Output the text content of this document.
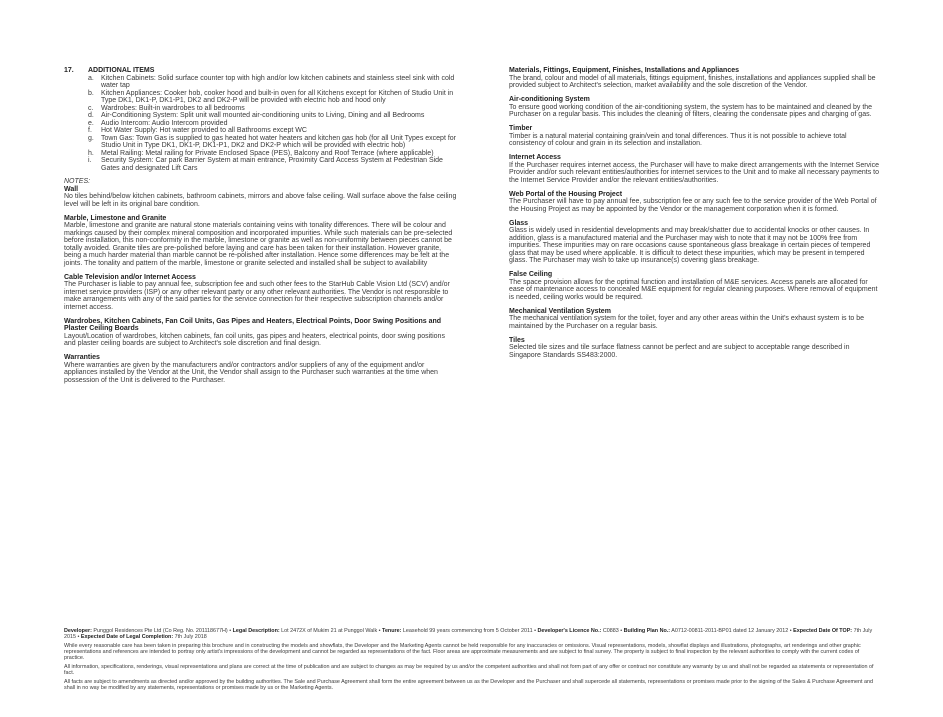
17. ADDITIONAL ITEMS

a.	Kitchen Cabinets: Solid surface counter top with high and/or low kitchen cabinets and stainless steel sink with cold water tap
b.	Kitchen Appliances: Cooker hob, cooker hood and built-in oven for all Kitchens except for Kitchen of Studio Unit in Type DK1, DK1-P, DK1-P1, DK2 and DK2-P will be provided with electric hob and hood only
c.	Wardrobes: Built-in wardrobes to all bedrooms
d.	Air-Conditioning System: Split unit wall mounted air-conditioning units to Living, Dining and all Bedrooms
e.	Audio Intercom: Audio Intercom provided
f.	Hot Water Supply: Hot water provided to all Bathrooms except WC
g.	Town Gas: Town Gas is supplied to gas heated hot water heaters and kitchen gas hob (for all Unit Types except for Studio Unit in Type DK1, DK1-P, DK1-P1, DK2 and DK2-P which will be provided with electric hob)
h.	Metal Railing: Metal railing for Private Enclosed Space (PES), Balcony and Roof Terrace (where applicable)
i.	Security System: Car park Barrier System at main entrance, Proximity Card Access System at Pedestrian Side Gates and designated Lift Cars

NOTES:

Wall

No tiles behind/below kitchen cabinets, bathroom cabinets, mirrors and above false ceiling. Wall surface above the false ceiling level will be left in its original bare condition.

Marble, Limestone and Granite

Marble, limestone and granite are natural stone materials containing veins with tonality differences. There will be colour and markings caused by their complex mineral composition and incorporated impurities. While such materials can be pre-selected before installation, this non-conformity in the marble, limestone or granite as well as non-uniformity between pieces cannot be totally avoided. Granite tiles are pre-polished before laying and care has been taken for their installation. However granite, being a much harder material than marble cannot be re-polished after installation. Hence some differences may be felt at the joints. The tonality and pattern of the marble, limestone or granite selected and installed shall be subject to availability

Cable Television and/or Internet Access

The Purchaser is liable to pay annual fee, subscription fee and such other fees to the StarHub Cable Vision Ltd (SCV) and/or internet service providers (ISP) or any other relevant party or any other relevant authorities. The Vendor is not responsible to make arrangements with any of the said parties for the service connection for their respective subscription channels and/or internet access.

Wardrobes, Kitchen Cabinets, Fan Coil Units, Gas Pipes and Heaters, Electrical Points, Door Swing Positions and Plaster Ceiling Boards

Layout/Location of wardrobes, kitchen cabinets, fan coil units, gas pipes and heaters, electrical points, door swing positions and plaster ceiling boards are subject to Architect's sole discretion and final design.

Warranties

Where warranties are given by the manufacturers and/or contractors and/or suppliers of any of the equipment and/or appliances installed by the Vendor at the Unit, the Vendor shall assign to the Purchaser such warranties at the time when possession of the Unit is delivered to the Purchaser.

Materials, Fittings, Equipment, Finishes, Installations and Appliances

The brand, colour and model of all materials, fittings equipment, finishes, installations and appliances supplied shall be provided subject to Architect's selection, market availability and the sole discretion of the Vendor.

Air-conditioning System

To ensure good working condition of the air-conditioning system, the system has to be maintained and cleaned by the Purchaser on a regular basis. This includes the cleaning of filters, clearing the condensate pipes and charging of gas.

Timber

Timber is a natural material containing grain/vein and tonal differences. Thus it is not possible to achieve total consistency of colour and grain in its selection and installation.

Internet Access

If the Purchaser requires internet access, the Purchaser will have to make direct arrangements with the Internet Service Provider and/or such relevant entities/authorities for internet services to the Unit and to make all necessary payments to the Internet Service Provider and/or the relevant entities/authorities.

Web Portal of the Housing Project

The Purchaser will have to pay annual fee, subscription fee or any such fee to the service provider of the Web Portal of the Housing Project as may be appointed by the Vendor or the management corporation when it is formed.

Glass

Glass is widely used in residential developments and may break/shatter due to accidental knocks or other causes. In addition, glass is a manufactured material and the Purchaser may wish to note that it may not be 100% free from impurities. These impurities may on rare occasions cause spontaneous glass breakage in certain pieces of tempered glass that may be used where applicable. It is difficult to detect these impurities, which may be present in tempered glass. The Purchaser may wish to take up insurance(s) covering glass breakage.

False Ceiling

The space provision allows for the optimal function and installation of M&E services. Access panels are allocated for ease of maintenance access to concealed M&E equipment for regular cleaning purposes. Where removal of equipment is needed, ceiling works would be required.

Mechanical Ventilation System

The mechanical ventilation system for the toilet, foyer and any other areas within the Unit's exhaust system is to be maintained by the Purchaser on a regular basis.

Tiles

Selected tile sizes and tile surface flatness cannot be perfect and are subject to acceptable range described in Singapore Standards SS483:2000.

Developer: Punggol Residences Pte Ltd (Co Reg. No. 201118677H) • Legal Description: Lot 2472X of Mukim 21 at Punggol Walk • Tenure: Leasehold 99 years commencing from 5 October 2011 • Developer's Licence No.: C0883 • Building Plan No.: A0712-00811-2011-BP01 dated 12 January 2012 • Expected Date Of TOP: 7th July 2015 • Expected Date of Legal Completion: 7th July 2018

While every reasonable care has been taken in preparing this brochure and in constructing the models and showflats, the Developer and the Marketing Agents cannot be held responsible for any inaccuracies or omissions. Visual representations, models, showflat displays and illustrations, photographs, art renderings and other graphic representations and references are intended to portray only artist's impressions of the development and cannot be regarded as representations of the fact. Floor areas are approximate measurements and are subject to final survey. The property is subject to final inspection by the relevant authorities to comply with the current codes of practice.

All information, specifications, renderings, visual representations and plans are correct at the time of publication and are subject to changes as may be required by us and/or the competent authorities and shall not form part of any offer or contract nor constitute any warranty by us and shall not be regarded as statements or representation of fact.

All facts are subject to amendments as directed and/or approved by the building authorities. The Sale and Purchase Agreement shall form the entire agreement between us as the Developer and the Purchaser and shall supercede all statements, representations or promises made prior to the signing of the Sales & Purchase Agreement and shall in no way be modified by any statements, representations or promises made by us or the Marketing Agents.
